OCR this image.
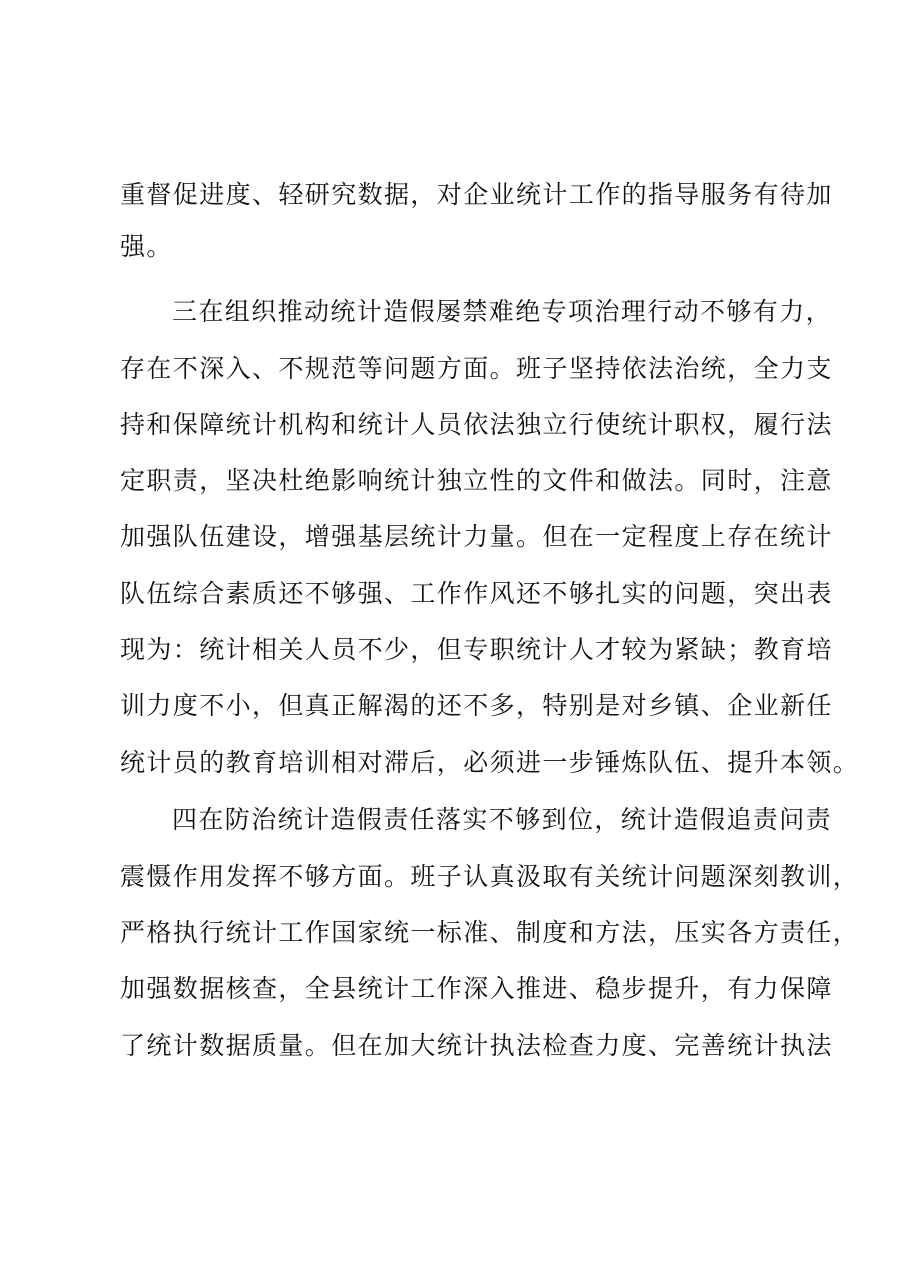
重督促进度、轻研究数据，对企业统计工作的指导服务有待加
强。
三在组织推动统计造假屡禁难绝专项治理行动不够有力，
存在不深入、不规范等问题方面。班子坚持依法治统，全力支
持和保障统计机构和统计人员依法独立行使统计职权，履行法
定职责，坚决杜绝影响统计独立性的文件和做法。同时，注意
加强队伍建设，增强基层统计力量。但在一定程度上存在统计
队伍综合素质还不够强、工作作风还不够扎实的问题，突出表
现为：统计相关人员不少，但专职统计人才较为紧缺；教育培
训力度不小，但真正解渴的还不多，特别是对乡镇、企业新任
统计员的教育培训相对滞后，必须进一步锤炼队伍、提升本领。
四在防治统计造假责任落实不够到位，统计造假追责问责
震慑作用发挥不够方面。班子认真汲取有关统计问题深刻教训，
严格执行统计工作国家统一标准、制度和方法，压实各方责任，
加强数据核查，全县统计工作深入推进、稳步提升，有力保障
了统计数据质量。但在加大统计执法检查力度、完善统计执法
